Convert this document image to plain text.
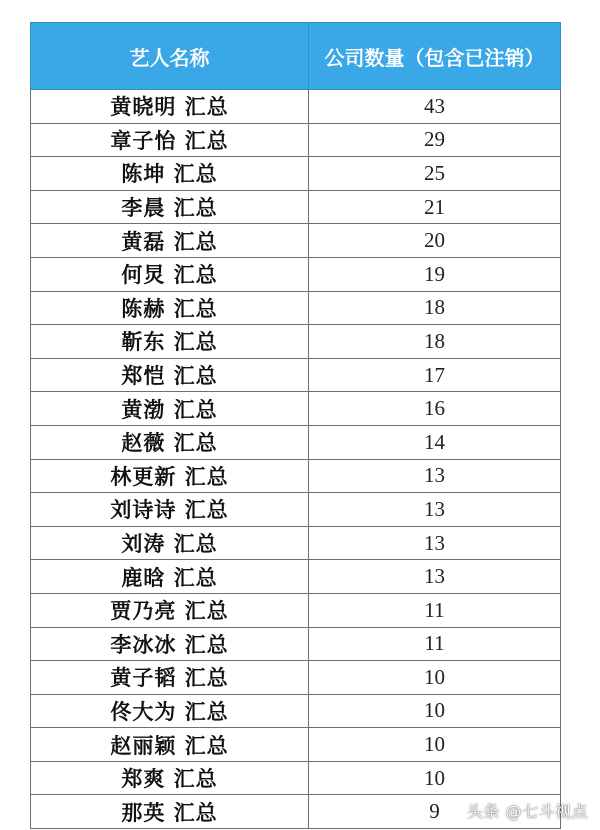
艺人名称	公司数量（包含已注销）
黄晓明 汇总	43
章子怡 汇总	29
陈坤 汇总	25
李晨 汇总	21
黄磊 汇总	20
何炅 汇总	19
陈赫 汇总	18
靳东 汇总	18
郑恺 汇总	17
黄渤 汇总	16
赵薇 汇总	14
林更新 汇总	13
刘诗诗 汇总	13
刘涛 汇总	13
鹿晗 汇总	13
贾乃亮 汇总	11
李冰冰 汇总	11
黄子韬 汇总	10
佟大为 汇总	10
赵丽颖 汇总	10
郑爽 汇总	10
那英 汇总	9 头条 @七斗视点
